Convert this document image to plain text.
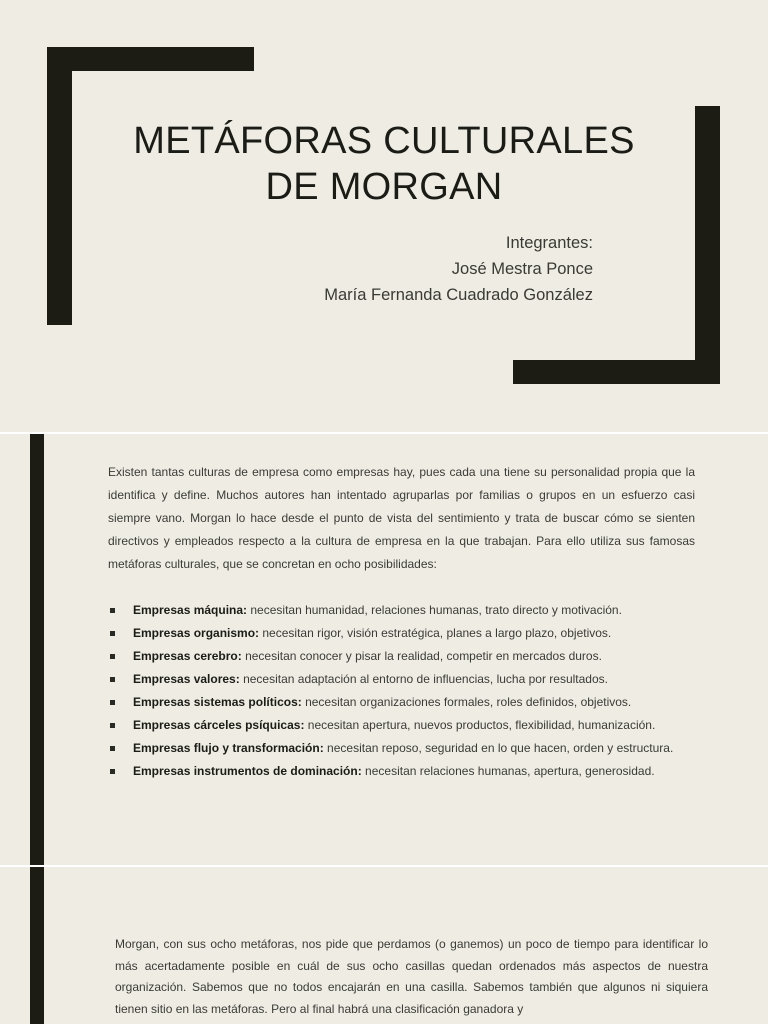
METÁFORAS CULTURALES
DE MORGAN
Integrantes:
José Mestra Ponce
María Fernanda Cuadrado González

Existen tantas culturas de empresa como empresas hay, pues cada una tiene su personalidad propia que la identifica y define. Muchos autores han intentado agruparlas por familias o grupos en un esfuerzo casi siempre vano. Morgan lo hace desde el punto de vista del sentimiento y trata de buscar cómo se sienten directivos y empleados respecto a la cultura de empresa en la que trabajan. Para ello utiliza sus famosas metáforas culturales, que se concretan en ocho posibilidades:

Empresas máquina: necesitan humanidad, relaciones humanas, trato directo y motivación.
Empresas organismo: necesitan rigor, visión estratégica, planes a largo plazo, objetivos.
Empresas cerebro: necesitan conocer y pisar la realidad, competir en mercados duros.
Empresas valores: necesitan adaptación al entorno de influencias, lucha por resultados.
Empresas sistemas políticos: necesitan organizaciones formales, roles definidos, objetivos.
Empresas cárceles psíquicas: necesitan apertura, nuevos productos, flexibilidad, humanización.
Empresas flujo y transformación: necesitan reposo, seguridad en lo que hacen, orden y estructura.
Empresas instrumentos de dominación: necesitan relaciones humanas, apertura, generosidad.

Morgan, con sus ocho metáforas, nos pide que perdamos (o ganemos) un poco de tiempo para identificar lo más acertadamente posible en cuál de sus ocho casillas quedan ordenados más aspectos de nuestra organización. Sabemos que no todos encajarán en una casilla. Sabemos también que algunos ni siquiera tienen sitio en las metáforas. Pero al final habrá una clasificación ganadora y
